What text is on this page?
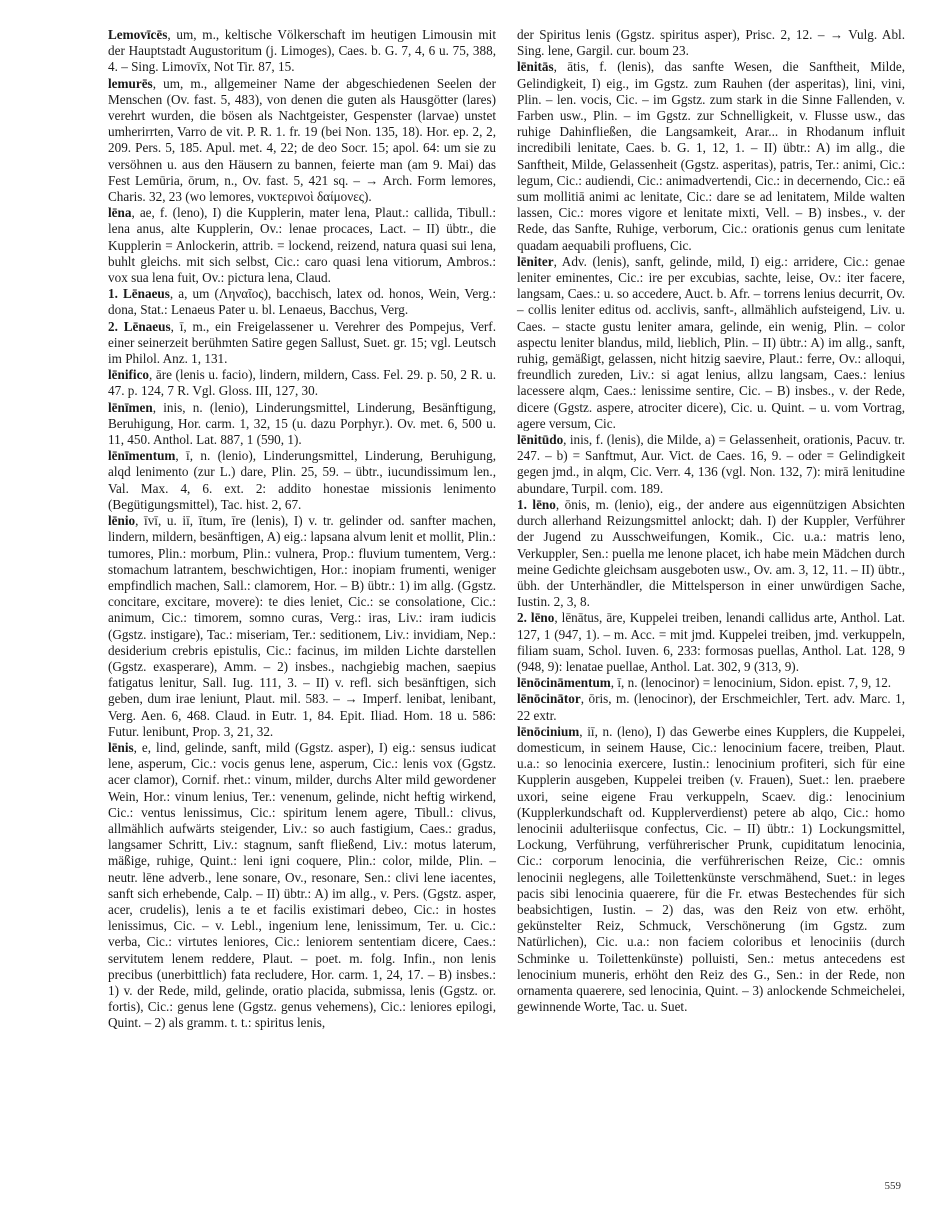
Lemovīcēs, um, m., keltische Völkerschaft im heutigen Limousin mit der Hauptstadt Augustoritum (j. Limoges), Caes. b. G. 7, 4, 6 u. 75, 388, 4. – Sing. Limovīx, Not Tir. 87, 15.

lemurēs, um, m., allgemeiner Name der abgeschiedenen Seelen der Menschen (Ov. fast. 5, 483), von denen die guten als Hausgötter (lares) verehrt wurden, die bösen als Nachtgeister, Gespenster (larvae) unstet umherirrten, Varro de vit. P. R. 1. fr. 19 (bei Non. 135, 18). Hor. ep. 2, 2, 209. Pers. 5, 185. Apul. met. 4, 22; de deo Socr. 15; apol. 64: um sie zu versöhnen u. aus den Häusern zu bannen, feierte man (am 9. Mai) das Fest Lemūria, ōrum, n., Ov. fast. 5, 421 sq. – → Arch. Form lemores, Charis. 32, 23 (wo lemores, νυκτερινοὶ δαίμονες).

lēna, ae, f. (leno), I) die Kupplerin, mater lena, Plaut.: callida, Tibull.: lena anus, alte Kupplerin, Ov.: lenae procaces, Lact. – II) übtr., die Kupplerin = Anlockerin, attrib. = lockend, reizend, natura quasi sui lena, buhlt gleichs. mit sich selbst, Cic.: caro quasi lena vitiorum, Ambros.: vox sua lena fuit, Ov.: pictura lena, Claud.

1. Lēnaeus, a, um (Ληναῖος), bacchisch, latex od. honos, Wein, Verg.: dona, Stat.: Lenaeus Pater u. bl. Lenaeus, Bacchus, Verg.

2. Lēnaeus, ī, m., ein Freigelassener u. Verehrer des Pompejus, Verf. einer seinerzeit berühmten Satire gegen Sallust, Suet. gr. 15; vgl. Leutsch im Philol. Anz. 1, 131.

lēnifico, āre (lenis u. facio), lindern, mildern, Cass. Fel. 29. p. 50, 2 R. u. 47. p. 124, 7 R. Vgl. Gloss. III, 127, 30.

lēnīmen, inis, n. (lenio), Linderungsmittel, Linderung, Besänftigung, Beruhigung, Hor. carm. 1, 32, 15 (u. dazu Porphyr.). Ov. met. 6, 500 u. 11, 450. Anthol. Lat. 887, 1 (590, 1).

lēnīmentum, ī, n. (lenio), Linderungsmittel, Linderung, Beruhigung, alqd lenimento (zur L.) dare, Plin. 25, 59. – übtr., iucundissimum len., Val. Max. 4, 6. ext. 2: addito honestae missionis lenimento (Begütigungsmittel), Tac. hist. 2, 67.

lēnio, īvī, u. iī, ītum, īre (lenis), I) v. tr. gelinder od. sanfter machen, lindern, mildern, besänftigen, A) eig.: lapsana alvum lenit et mollit, Plin.: tumores, Plin.: morbum, Plin.: vulnera, Prop.: fluvium tumentem, Verg.: stomachum latrantem, beschwichtigen, Hor.: inopiam frumenti, weniger empfindlich machen, Sall.: clamorem, Hor. – B) übtr.: 1) im allg. (Ggstz. concitare, excitare, movere): te dies leniet, Cic.: se consolatione, Cic.: animum, Cic.: timorem, somno curas, Verg.: iras, Liv.: iram iudicis (Ggstz. instigare), Tac.: miseriam, Ter.: seditionem, Liv.: invidiam, Nep.: desiderium crebris epistulis, Cic.: facinus, im milden Lichte darstellen (Ggstz. exasperare), Amm. – 2) insbes., nachgiebig machen, saepius fatigatus lenitur, Sall. Iug. 111, 3. – II) v. refl. sich besänftigen, sich geben, dum irae leniunt, Plaut. mil. 583. – → Imperf. lenibat, lenibant, Verg. Aen. 6, 468. Claud. in Eutr. 1, 84. Epit. Iliad. Hom. 18 u. 586: Futur. lenibunt, Prop. 3, 21, 32.

lēnis, e, lind, gelinde, sanft, mild (Ggstz. asper), I) eig.: sensus iudicat lene, asperum, Cic.: vocis genus lene, asperum, Cic.: lenis vox (Ggstz. acer clamor), Cornif. rhet.: vinum, milder, durchs Alter mild gewordener Wein, Hor.: vinum lenius, Ter.: venenum, gelinde, nicht heftig wirkend, Cic.: ventus lenissimus, Cic.: spiritum lenem agere, Tibull.: clivus, allmählich aufwärts steigender, Liv.: so auch fastigium, Caes.: gradus, langsamer Schritt, Liv.: stagnum, sanft fließend, Liv.: motus laterum, mäßige, ruhige, Quint.: leni igni coquere, Plin.: color, milde, Plin. – neutr. lēne adverb., lene sonare, Ov., resonare, Sen.: clivi lene iacentes, sanft sich erhebende, Calp. – II) übtr.: A) im allg., v. Pers. (Ggstz. asper, acer, crudelis), lenis a te et facilis existimari debeo, Cic.: in hostes lenissimus, Cic. – v. Lebl., ingenium lene, lenissimum, Ter. u. Cic.: verba, Cic.: virtutes leniores, Cic.: leniorem sententiam dicere, Caes.: servitutem lenem reddere, Plaut. – poet. m. folg. Infin., non lenis precibus (unerbittlich) fata recludere, Hor. carm. 1, 24, 17. – B) insbes.: 1) v. der Rede, mild, gelinde, oratio placida, submissa, lenis (Ggstz. or. fortis), Cic.: genus lene (Ggstz. genus vehemens), Cic.: leniores epilogi, Quint. – 2) als gramm. t. t.: spiritus lenis,

der Spiritus lenis (Ggstz. spiritus asper), Prisc. 2, 12. – → Vulg. Abl. Sing. lene, Gargil. cur. boum 23.

lēnitās, ātis, f. (lenis), das sanfte Wesen, die Sanftheit, Milde, Gelindigkeit, I) eig., im Ggstz. zum Rauhen (der asperitas), lini, vini, Plin. – len. vocis, Cic. – im Ggstz. zum stark in die Sinne Fallenden, v. Farben usw., Plin. – im Ggstz. zur Schnelligkeit, v. Flusse usw., das ruhige Dahinfließen, die Langsamkeit, Arar... in Rhodanum influit incredibili lenitate, Caes. b. G. 1, 12, 1. – II) übtr.: A) im allg., die Sanftheit, Milde, Gelassenheit (Ggstz. asperitas), patris, Ter.: animi, Cic.: legum, Cic.: audiendi, Cic.: animadvertendi, Cic.: in decernendo, Cic.: eā sum mollitiā animi ac lenitate, Cic.: dare se ad lenitatem, Milde walten lassen, Cic.: mores vigore et lenitate mixti, Vell. – B) insbes., v. der Rede, das Sanfte, Ruhige, verborum, Cic.: orationis genus cum lenitate quadam aequabili profluens, Cic.

lēniter, Adv. (lenis), sanft, gelinde, mild, I) eig.: arridere, Cic.: genae leniter eminentes, Cic.: ire per excubias, sachte, leise, Ov.: iter facere, langsam, Caes.: u. so accedere, Auct. b. Afr. – torrens lenius decurrit, Ov. – collis leniter editus od. acclivis, sanft-, allmählich aufsteigend, Liv. u. Caes. – stacte gustu leniter amara, gelinde, ein wenig, Plin. – color aspectu leniter blandus, mild, lieblich, Plin. – II) übtr.: A) im allg., sanft, ruhig, gemäßigt, gelassen, nicht hitzig saevire, Plaut.: ferre, Ov.: alloqui, freundlich zureden, Liv.: si agat lenius, allzu langsam, Caes.: lenius lacessere alqm, Caes.: lenissime sentire, Cic. – B) insbes., v. der Rede, dicere (Ggstz. aspere, atrociter dicere), Cic. u. Quint. – u. vom Vortrag, agere versum, Cic.

lēnitūdo, inis, f. (lenis), die Milde, a) = Gelassenheit, orationis, Pacuv. tr. 247. – b) = Sanftmut, Aur. Vict. de Caes. 16, 9. – oder = Gelindigkeit gegen jmd., in alqm, Cic. Verr. 4, 136 (vgl. Non. 132, 7): mirā lenitudine abundare, Turpil. com. 189.

1. lēno, ōnis, m. (lenio), eig., der andere aus eigennützigen Absichten durch allerhand Reizungsmittel anlockt; dah. I) der Kuppler, Verführer der Jugend zu Ausschweifungen, Komik., Cic. u.a.: matris leno, Verkuppler, Sen.: puella me lenone placet, ich habe mein Mädchen durch meine Gedichte gleichsam ausgeboten usw., Ov. am. 3, 12, 11. – II) übtr., übh. der Unterhändler, die Mittelsperson in einer unwürdigen Sache, Iustin. 2, 3, 8.

2. lēno, lēnātus, āre, Kuppelei treiben, lenandi callidus arte, Anthol. Lat. 127, 1 (947, 1). – m. Acc. = mit jmd. Kuppelei treiben, jmd. verkuppeln, filiam suam, Schol. Iuven. 6, 233: formosas puellas, Anthol. Lat. 128, 9 (948, 9): lenatae puellae, Anthol. Lat. 302, 9 (313, 9).

lēnōcināmentum, ī, n. (lenocinor) = lenocinium, Sidon. epist. 7, 9, 12.

lēnōcinātor, ōris, m. (lenocinor), der Erschmeichler, Tert. adv. Marc. 1, 22 extr.

lēnōcinium, iī, n. (leno), I) das Gewerbe eines Kupplers, die Kuppelei, domesticum, in seinem Hause, Cic.: lenocinium facere, treiben, Plaut. u.a.: so lenocinia exercere, Iustin.: lenocinium profiteri, sich für eine Kupplerin ausgeben, Kuppelei treiben (v. Frauen), Suet.: len. praebere uxori, seine eigene Frau verkuppeln, Scaev. dig.: lenocinium (Kupplerkundschaft od. Kupplerverdienst) petere ab alqo, Cic.: homo lenocinii adulteriisque confectus, Cic. – II) übtr.: 1) Lockungsmittel, Lockung, Verführung, verführerischer Prunk, cupiditatum lenocinia, Cic.: corporum lenocinia, die verführerischen Reize, Cic.: omnis lenocinii neglegens, alle Toilettenkünste verschmähend, Suet.: in leges pacis sibi lenocinia quaerere, für die Fr. etwas Bestechendes für sich beabsichtigen, Iustin. – 2) das, was den Reiz von etw. erhöht, gekünstelter Reiz, Schmuck, Verschönerung (im Ggstz. zum Natürlichen), Cic. u.a.: non faciem coloribus et lenociniis (durch Schminke u. Toilettenkünste) polluisti, Sen.: metus antecedens est lenocinium muneris, erhöht den Reiz des G., Sen.: in der Rede, non ornamenta quaerere, sed lenocinia, Quint. – 3) anlockende Schmeichelei, gewinnende Worte, Tac. u. Suet.

559
